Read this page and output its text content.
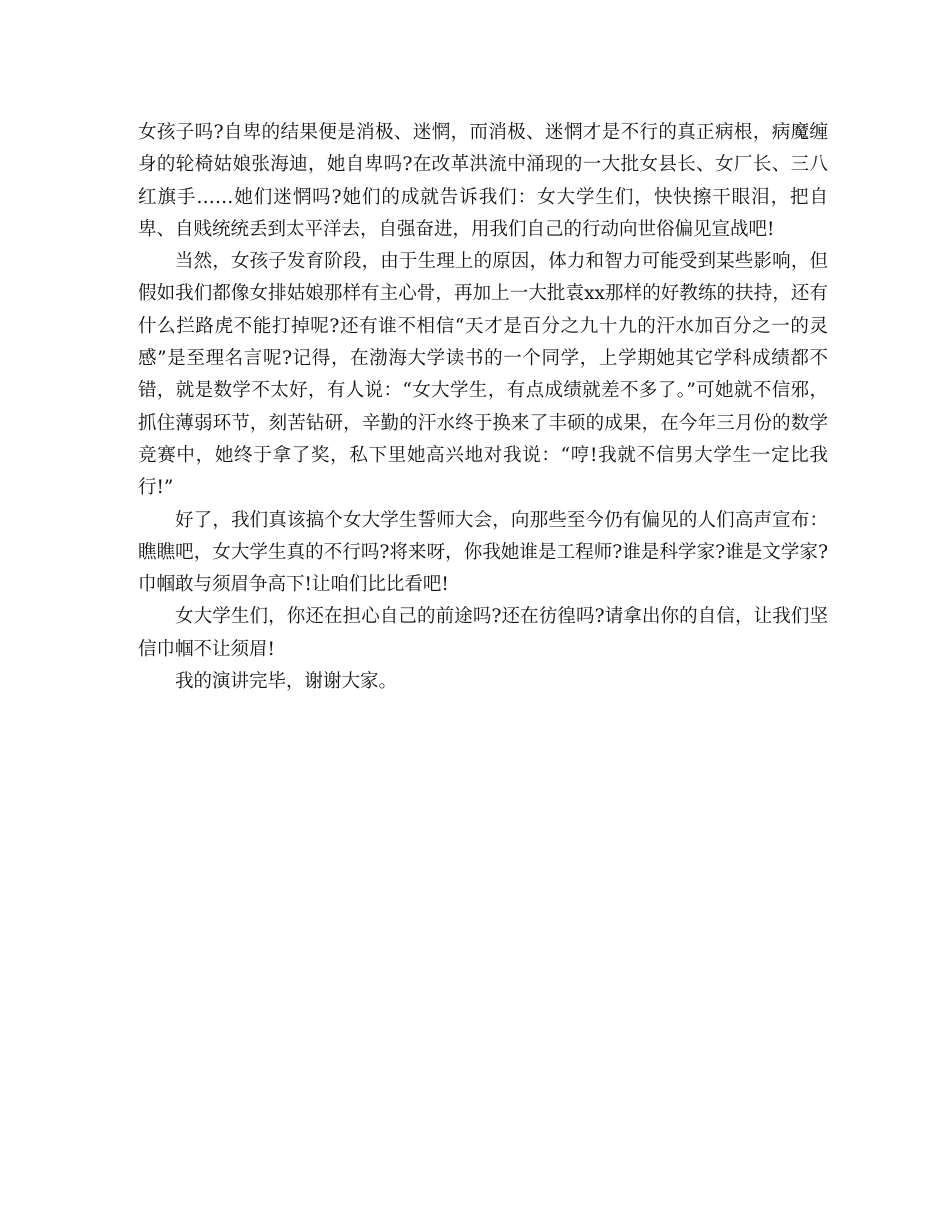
女孩子吗?自卑的结果便是消极、迷惘，而消极、迷惘才是不行的真正病根，病魔缠身的轮椅姑娘张海迪，她自卑吗?在改革洪流中涌现的一大批女县长、女厂长、三八红旗手……她们迷惘吗?她们的成就告诉我们：女大学生们，快快擦干眼泪，把自卑、自贱统统丢到太平洋去，自强奋进，用我们自己的行动向世俗偏见宣战吧!

当然，女孩子发育阶段，由于生理上的原因，体力和智力可能受到某些影响，但假如我们都像女排姑娘那样有主心骨，再加上一大批袁xx那样的好教练的扶持，还有什么拦路虎不能打掉呢?还有谁不相信“天才是百分之九十九的汗水加百分之一的灵感”是至理名言呢?记得，在渤海大学读书的一个同学，上学期她其它学科成绩都不错，就是数学不太好，有人说：“女大学生，有点成绩就差不多了。”可她就不信邪，抓住薄弱环节，刻苦钻研，辛勤的汗水终于换来了丰硕的成果，在今年三月份的数学竞赛中，她终于拿了奖，私下里她高兴地对我说：“哼!我就不信男大学生一定比我行!”

好了，我们真该搞个女大学生誓师大会，向那些至今仍有偏见的人们高声宣布：瞧瞧吧，女大学生真的不行吗?将来呀，你我她谁是工程师?谁是科学家?谁是文学家?巾帼敢与须眉争高下!让咱们比比看吧!

女大学生们，你还在担心自己的前途吗?还在彷徨吗?请拿出你的自信，让我们坚信巾帼不让须眉!

我的演讲完毕，谢谢大家。
